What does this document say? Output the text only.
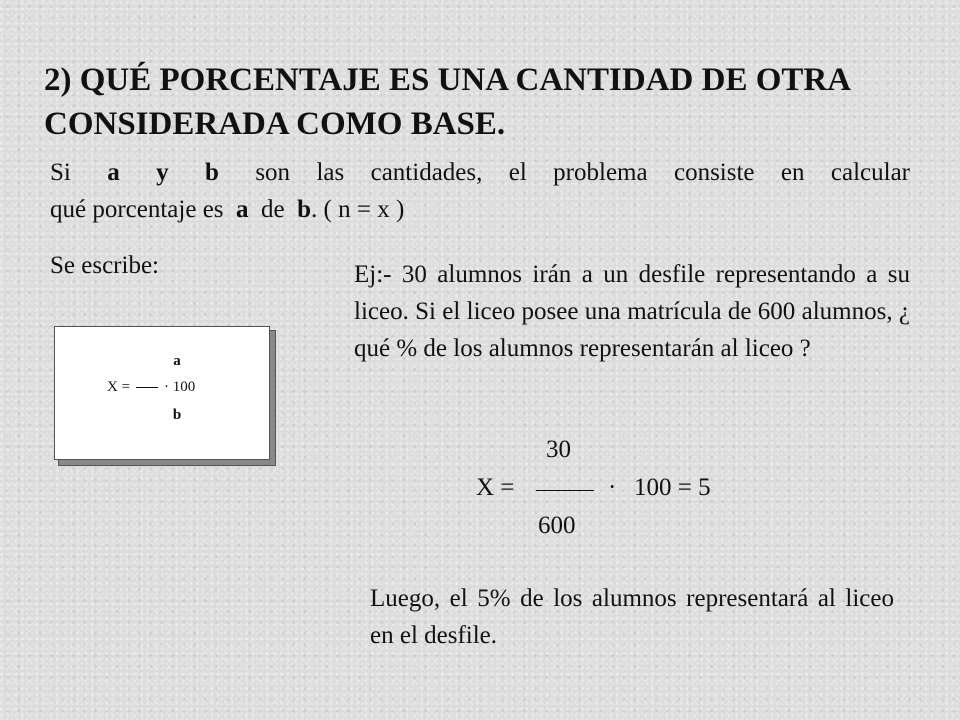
2) QUÉ PORCENTAJE ES UNA CANTIDAD DE OTRA CONSIDERADA COMO BASE.
Si a y b son las cantidades, el problema consiste en calcular
qué porcentaje es a de b. ( n = x )
Se escribe:
a
X = · 100
b

Ej:- 30 alumnos irán a un desfile representando a su liceo. Si el liceo posee una matrícula de 600 alumnos, ¿ qué % de los alumnos representarán al liceo ?

30
X =	· 100 = 5
600

Luego, el 5% de los alumnos representará al liceo en el desfile.
